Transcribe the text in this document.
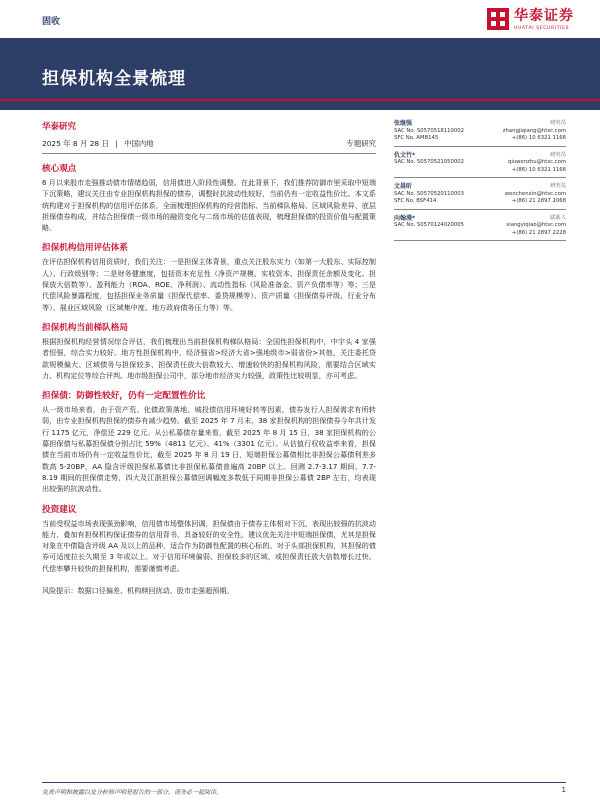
固收	华泰证券
HUATAI SECURITIES
担保机构全景梳理
华泰研究
2025 年 8 月 28 日 | 中国内地	专题研究
核心观点
6 月以来股市走强推动债市情绪趋弱，信用债进入阶段性调整。在此背景下，我们推荐防御市里采取中短端下沉策略，建议关注由专业担保机构担保的债券，调整时抗波动性较好，当前仍有一定收益性价比。本文系统构建对于担保机构的信用评估体系，全面梳理担保机构的经营指标、当前梯队格局、区域风险差异、底层担保债券构成，并结合担保债一级市场的融资变化与二级市场的估值表现，梳理担保债的投资价值与配置策略。
担保机构信用评估体系
在评估担保机构信用资质时，我们关注：一是担保主体背景，重点关注股东实力（如第一大股东、实际控制人）、行政级别等；二是财务健康度，包括资本充足性（净资产规模、实收资本、担保责任余额及变化、担保放大倍数等）、盈利能力（ROA、ROE、净利润）、流动性指标（风险准备金、资产负债率等）等；三是代偿风险暴露程度，包括担保业务质量（担保代偿率、委贷规模等）、资产质量（担保债券评级、行业分布等）、展业区域风险（区域集中度、地方政府债务压力等）等。
担保机构当前梯队格局
根据担保机构经营情况综合评估，我们梳理出当前担保机构梯队格局：全国性担保机构中，中宇头 4 家强者恒强，综合实力较好。地方性担保机构中，经济强省>经济大省>强地级市>弱省份>其他，关注委托贷款规模偏大、区域债务与担保较多、担保责任放大倍数较大、增速较快的担保机构风险，需要结合区域实力、机构定位等综合评判。地市级担保公司中，部分地市经济实力较强，政策性比较明显，亦可考虑。
担保债：防御性较好，仍有一定配置性价比
从一级市场来看，由于资产荒、化债政策落地、城投债信用环境好转等因素，债券发行人担保需求有所转弱，由专业担保机构担保的债券有减少趋势。截至 2025 年 7 月末，38 家担保机构的担保债券今年共计发行 1175 亿元，净偿还 229 亿元。从公私募债存量来看，截至 2025 年 8 月 15 日，38 家担保机构的公募担保债与私募担保债分别占比 59%（4811 亿元）、41%（3301 亿元）。从估值行权收益率来看，担保债在当前市场仍有一定收益性价比，截至 2025 年 8 月 19 日，短端担保公募债相比非担保公募债利差多数高 5-20BP，AA 隐含评级担保私募债比非担保私募债普遍高 20BP 以上。回测 2.7-3.17 期间、7.7-8.19 期间的担保债走势，四大及江浙担保公募债回调幅度多数低于同期非担保公募债 2BP 左右，均表现出较强的抗波动性。
投资建议
当前受权益市场表现强劲影响，信用债市场整体回调，担保债由于债券主体相对下沉，表现出较强的抗波动能力，叠加有担保机构保证债券的信用背书，具备较好的安全性。建议优先关注中短端担保债，尤其是担保对象在中债隐含评级 AA 及以上的品种，适合作为防御性配置的核心标的。对于头部担保机构，其担保的债券可适度拉长久期至 3 年或以上。对于信用环境偏弱、担保较多的区域，或担保责任放大倍数增长过快、代偿率攀升较快的担保机构，需要谨慎考虑。
风险提示：数据口径偏差、机构赎回扰动、股市走强超预期。
张继强	研究员
SAC No. S0570518110002	zhangjiqiang@htsc.com
SFC No. AMB145	+(86) 10 6321 1166
仇文竹*	研究员
SAC No. S0570521050002	qiuwenzhu@htsc.com
+(86) 10 6321 1166
文晨昕	研究员
SAC No. S0570520110003	wenchenxin@htsc.com
SFC No. BSF414	+(86) 21 2897 2068
向翰漫*	联系人
SAC No. S0570124020005	xiangyiqiao@htsc.com
+(86) 21 2897 2228
免责声明和披露以及分析师声明是报告的一部分，请务必一起阅读。	1
